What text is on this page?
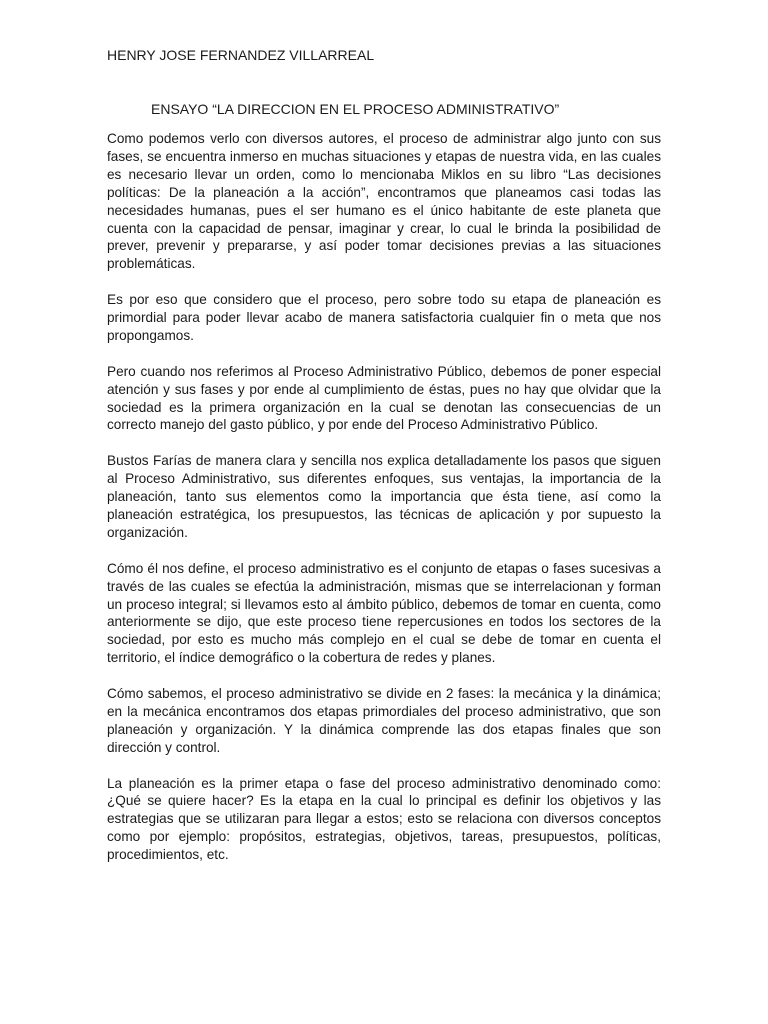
HENRY JOSE FERNANDEZ VILLARREAL
ENSAYO “LA DIRECCION EN EL PROCESO ADMINISTRATIVO”

Como podemos verlo con diversos autores, el proceso de administrar algo junto con sus fases, se encuentra inmerso en muchas situaciones y etapas de nuestra vida, en las cuales es necesario llevar un orden, como lo mencionaba Miklos en su libro “Las decisiones políticas: De la planeación a la acción”, encontramos que planeamos casi todas las necesidades humanas, pues el ser humano es el único habitante de este planeta que cuenta con la capacidad de pensar, imaginar y crear, lo cual le brinda la posibilidad de prever, prevenir y prepararse, y así poder tomar decisiones previas a las situaciones problemáticas.

Es por eso que considero que el proceso, pero sobre todo su etapa de planeación es primordial para poder llevar acabo de manera satisfactoria cualquier fin o meta que nos propongamos.

Pero cuando nos referimos al Proceso Administrativo Público, debemos de poner especial atención y sus fases y por ende al cumplimiento de éstas, pues no hay que olvidar que la sociedad es la primera organización en la cual se denotan las consecuencias de un correcto manejo del gasto público, y por ende del Proceso Administrativo Público.

Bustos Farías de manera clara y sencilla nos explica detalladamente los pasos que siguen al Proceso Administrativo, sus diferentes enfoques, sus ventajas, la importancia de la planeación, tanto sus elementos como la importancia que ésta tiene, así como la planeación estratégica, los presupuestos, las técnicas de aplicación y por supuesto la organización.

Cómo él nos define, el proceso administrativo es el conjunto de etapas o fases sucesivas a través de las cuales se efectúa la administración, mismas que se interrelacionan y forman un proceso integral; si llevamos esto al ámbito público, debemos de tomar en cuenta, como anteriormente se dijo, que este proceso tiene repercusiones en todos los sectores de la sociedad, por esto es mucho más complejo en el cual se debe de tomar en cuenta el territorio, el índice demográfico o la cobertura de redes y planes.

Cómo sabemos, el proceso administrativo se divide en 2 fases: la mecánica y la dinámica; en la mecánica encontramos dos etapas primordiales del proceso administrativo, que son planeación y organización. Y la dinámica comprende las dos etapas finales que son dirección y control.

La planeación es la primer etapa o fase del proceso administrativo denominado como: ¿Qué se quiere hacer? Es la etapa en la cual lo principal es definir los objetivos y las estrategias que se utilizaran para llegar a estos; esto se relaciona con diversos conceptos como por ejemplo: propósitos, estrategias, objetivos, tareas, presupuestos, políticas, procedimientos, etc.
